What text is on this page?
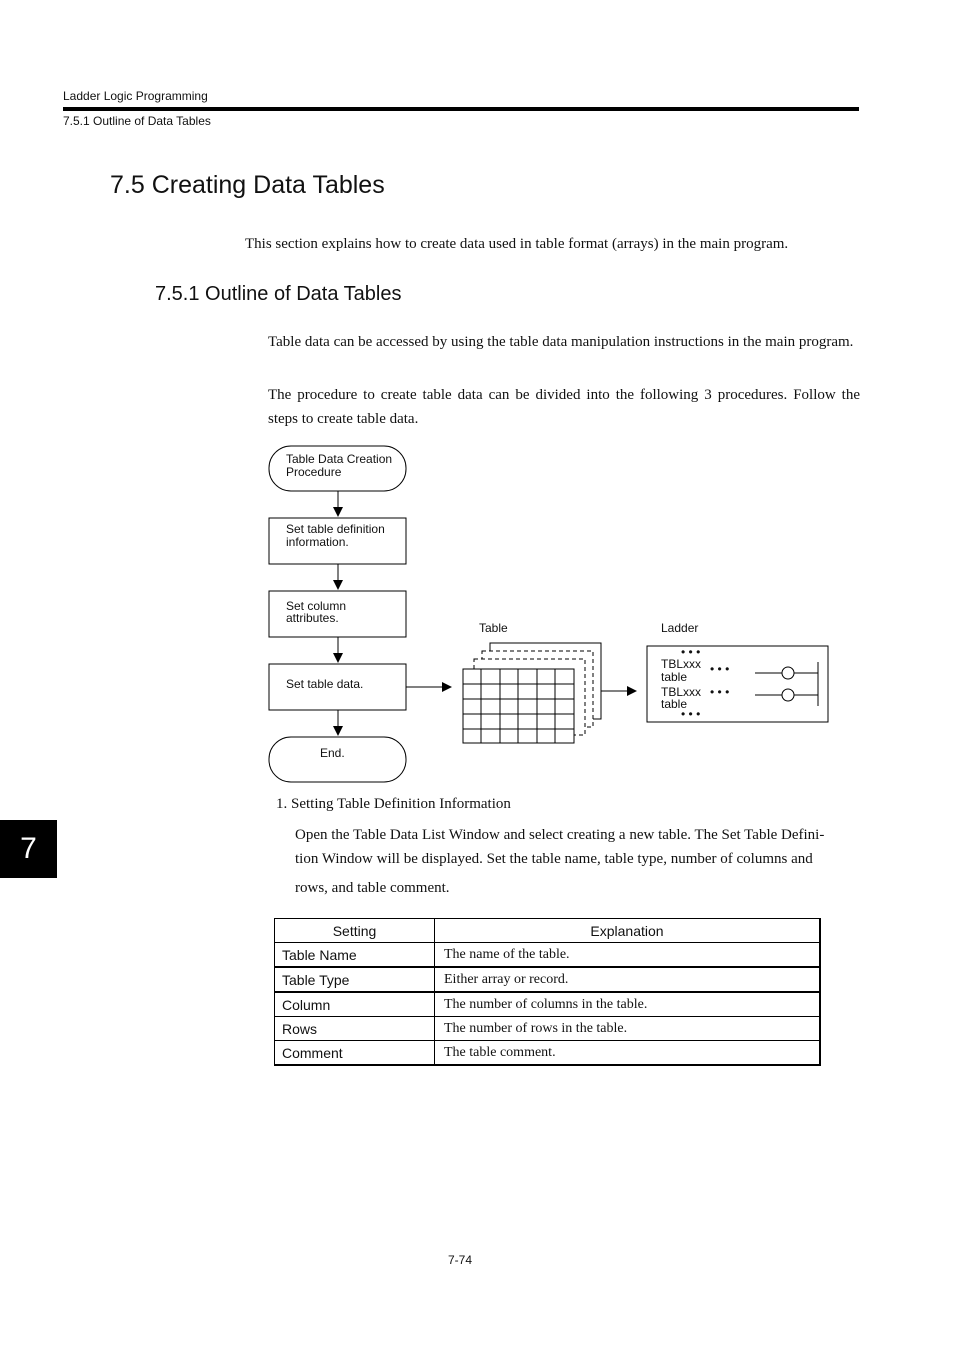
Ladder Logic Programming
7.5.1 Outline of Data Tables
7.5 Creating Data Tables
This section explains how to create data used in table format (arrays) in the main program.
7.5.1 Outline of Data Tables
Table data can be accessed by using the table data manipulation instructions in the main program.
The procedure to create table data can be divided into the following 3 procedures. Follow the steps to create table data.
Table Data Creation
Procedure
Set table definition
information.
Set column
attributes.
Set table data.
End.
Table	Ladder
• • •
TBLxxx
table
• • •
TBLxxx
table
• • •
• • •
1. Setting Table Definition Information
Open the Table Data List Window and select creating a new table. The Set Table Defini-
tion Window will be displayed. Set the table name, table type, number of columns and

rows, and table comment.
Setting	Explanation
Table Name	The name of the table.
Table Type	Either array or record.
Column	The number of columns in the table.
Rows	The number of rows in the table.
Comment	The table comment.
7
7-74
